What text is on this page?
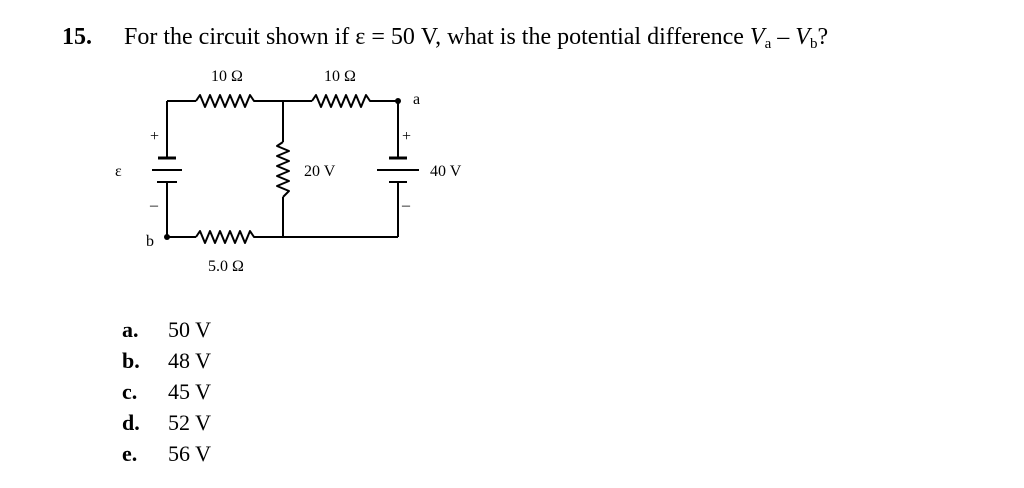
15. For the circuit shown if ε = 50 V, what is the potential difference $V_a - V_b$?
10 Ω	10 Ω
5.0 Ω
a
b
ε	20 V	40 V
+
–
+
–
a. 50 V
b. 48 V
c. 45 V
d. 52 V
e. 56 V
